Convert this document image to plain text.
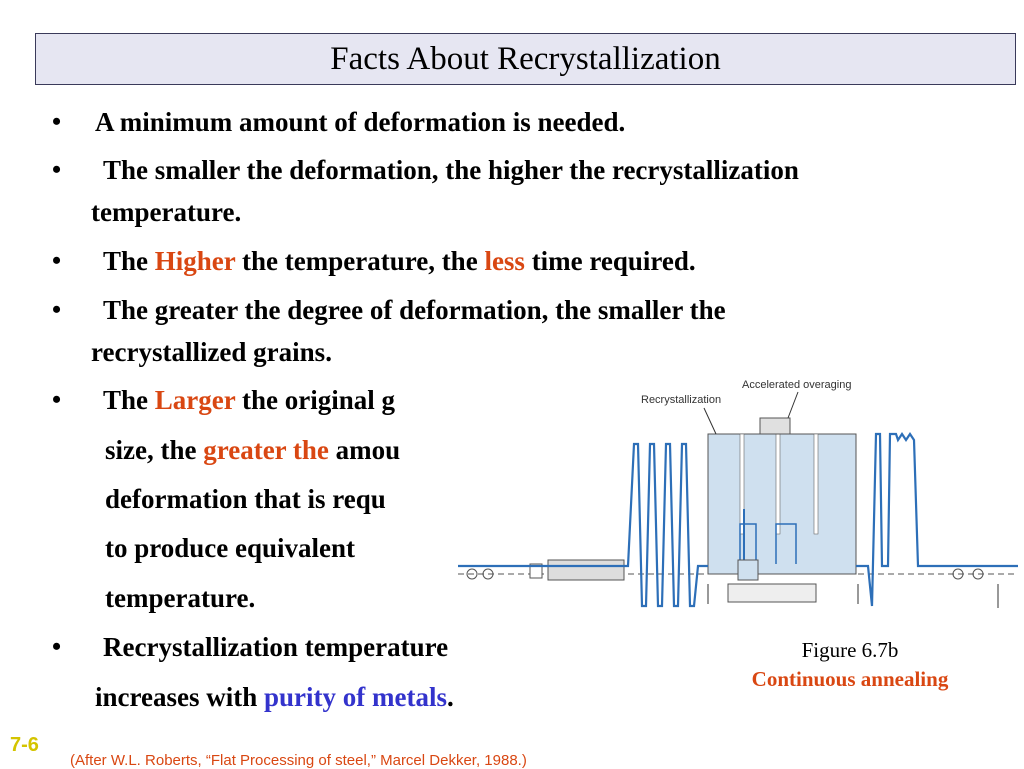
Facts About Recrystallization
• A minimum amount of deformation is needed.
• The smaller the deformation, the higher the recrystallization
temperature.
• The Higher the temperature, the less time required.
• The greater the degree of deformation, the smaller the
recrystallized grains.
• The Larger the original g
size, the greater the amou
deformation that is requ
to produce equivalent
temperature.
• Recrystallization temperature
increases with purity of metals.
Recrystallization
Accelerated overaging
Figure 6.7b
Continuous annealing
7-6
(After W.L. Roberts, “Flat Processing of steel,” Marcel Dekker, 1988.)
